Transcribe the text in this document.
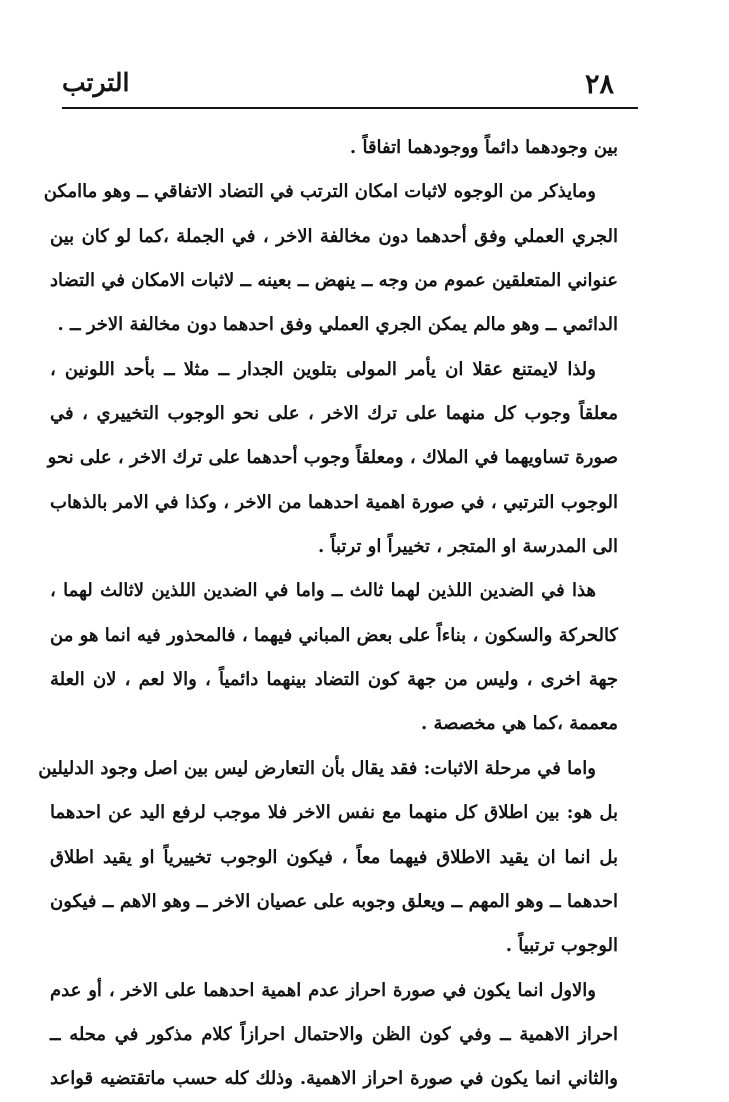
٢٨
الترتب
بين وجودهما دائماً ووجودهما اتفاقاً .
ومايذكر من الوجوه لاثبات امكان الترتب في التضاد الاتفاقي ــ وهو ماامكن
الجري العملي وفق أحدهما دون مخالفة الاخر ، في الجملة ،كما لو كان بين
عنواني المتعلقين عموم من وجه ــ ينهض ــ بعينه ــ لاثبات الامكان في التضاد
الدائمي ــ وهو مالم يمكن الجري العملي وفق احدهما دون مخالفة الاخر ــ .
ولذا لايمتنع عقلا ان يأمر المولى بتلوين الجدار ــ مثلا ــ بأحد اللونين ،
معلقاً وجوب كل منهما على ترك الاخر ، على نحو الوجوب التخييري ، في
صورة تساويهما في الملاك ، ومعلقاً وجوب أحدهما على ترك الاخر ، على نحو
الوجوب الترتبي ، في صورة اهمية احدهما من الاخر ، وكذا في الامر بالذهاب
الى المدرسة او المتجر ، تخييراً او ترتباً .
هذا في الضدين اللذين لهما ثالث ــ واما في الضدين اللذين لاثالث لهما ،
كالحركة والسكون ، بناءاً على بعض المباني فيهما ، فالمحذور فيه انما هو من
جهة اخرى ، وليس من جهة كون التضاد بينهما دائمياً ، والا لعم ، لان العلة
معممة ،كما هي مخصصة .
واما في مرحلة الاثبات: فقد يقال بأن التعارض ليس بين اصل وجود الدليلين
بل هو: بين اطلاق كل منهما مع نفس الاخر فلا موجب لرفع اليد عن احدهما
بل انما ان يقيد الاطلاق فيهما معاً ، فيكون الوجوب تخييرياً او يقيد اطلاق
احدهما ــ وهو المهم ــ ويعلق وجوبه على عصيان الاخر ــ وهو الاهم ــ فيكون
الوجوب ترتبياً .
والاول انما يكون في صورة احراز عدم اهمية احدهما على الاخر ، أو عدم
احراز الاهمية ــ وفي كون الظن والاحتمال احرازاً كلام مذكور في محله ــ
والثاني انما يكون في صورة احراز الاهمية. وذلك كله حسب ماتقتضيه قواعد
